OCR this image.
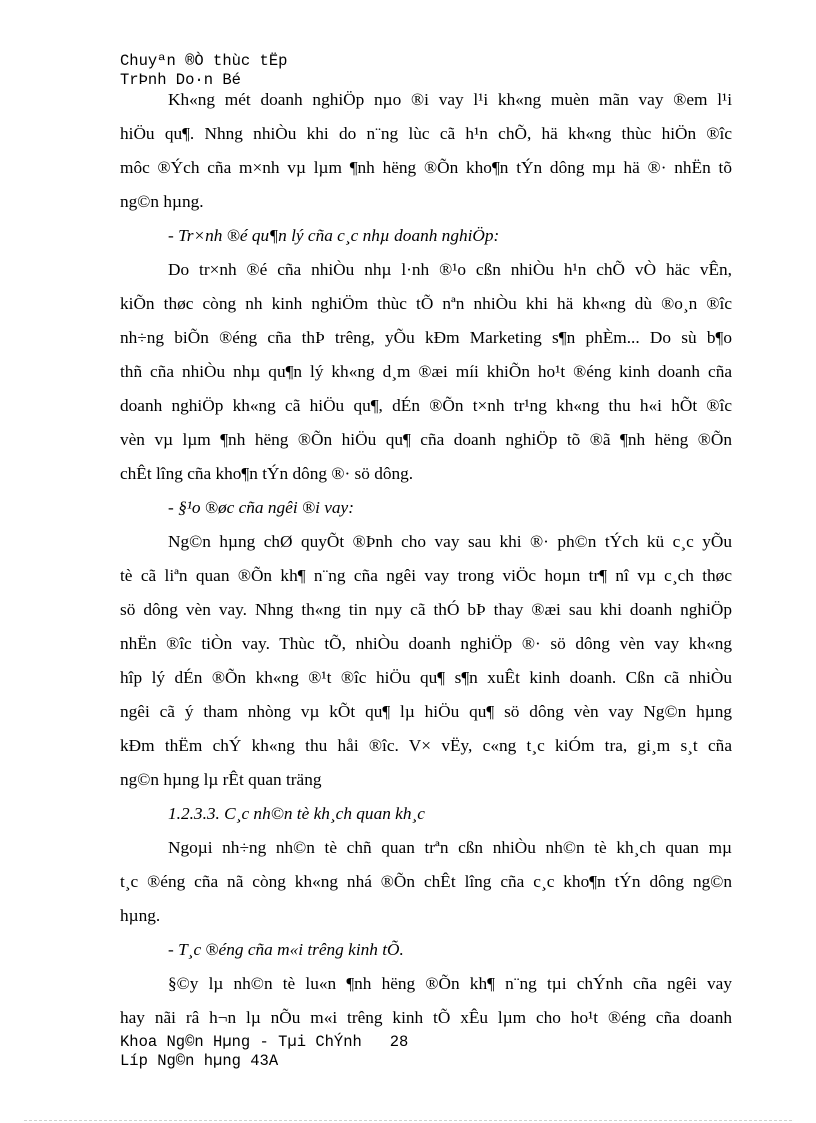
Chuyªn ®Ò thùc tËp
TrÞnh Do·n Bé
Kh«ng mét doanh nghiÖp nµo ®i vay l¹i kh«ng muèn mãn vay ®em l¹i
hiÖu qu¶. Nhng nhiÒu khi do n¨ng lùc cã h¹n chÕ, hä kh«ng thùc hiÖn ®îc
môc ®Ých cña m×nh vµ lµm ¶nh hëng ®Õn kho¶n tÝn dông mµ hä ®· nhËn tõ
ng©n hµng.
- Tr×nh ®é qu¶n lý cña c¸c nhµ doanh nghiÖp:
Do tr×nh ®é cña nhiÒu nhµ l·nh ®¹o cßn nhiÒu h¹n chÕ vÒ häc vÊn,
kiÕn thøc còng nh kinh nghiÖm thùc tÕ nªn nhiÒu khi hä kh«ng dù ®o¸n ®îc
nh÷ng biÕn ®éng cña thÞ trêng, yÕu kÐm Marketing s¶n phÈm... Do sù b¶o
thñ cña nhiÒu nhµ qu¶n lý kh«ng d¸m ®æi míi khiÕn ho¹t ®éng kinh doanh cña
doanh nghiÖp kh«ng cã hiÖu qu¶, dÉn ®Õn t×nh tr¹ng kh«ng thu h«i hÕt ®îc
vèn vµ lµm ¶nh hëng ®Õn hiÖu qu¶ cña doanh nghiÖp tõ ®ã ¶nh hëng ®Õn
chÊt lîng cña kho¶n tÝn dông ®· sö dông.
- §¹o ®øc cña ngêi ®i vay:
Ng©n hµng chØ quyÕt ®Þnh cho vay sau khi ®· ph©n tÝch kü c¸c yÕu
tè cã liªn quan ®Õn kh¶ n¨ng cña ngêi vay trong viÖc hoµn tr¶ nî vµ c¸ch thøc
sö dông vèn vay. Nhng th«ng tin nµy cã thÓ bÞ thay ®æi sau khi doanh nghiÖp
nhËn ®îc tiÒn vay. Thùc tÕ, nhiÒu doanh nghiÖp ®· sö dông vèn vay kh«ng
hîp lý dÉn ®Õn kh«ng ®¹t ®îc hiÖu qu¶ s¶n xuÊt kinh doanh. Cßn cã nhiÒu
ngêi cã ý tham nhòng vµ kÕt qu¶ lµ hiÖu qu¶ sö dông vèn vay Ng©n hµng
kÐm thËm chÝ kh«ng thu håi ®îc. V× vËy, c«ng t¸c kiÓm tra, gi¸m s¸t cña
ng©n hµng lµ rÊt quan träng
1.2.3.3. C¸c nh©n tè kh¸ch quan kh¸c
Ngoµi nh÷ng nh©n tè chñ quan trªn cßn nhiÒu nh©n tè kh¸ch quan mµ
t¸c ®éng cña nã còng kh«ng nhá ®Õn chÊt lîng cña c¸c kho¶n tÝn dông ng©n
hµng.
- T¸c ®éng cña m«i trêng kinh tÕ.
§©y lµ nh©n tè lu«n ¶nh hëng ®Õn kh¶ n¨ng tµi chÝnh cña ngêi vay
hay nãi râ h¬n lµ nÕu m«i trêng kinh tÕ xÊu lµm cho ho¹t ®éng cña doanh
Khoa Ng©n Hµng - Tµi ChÝnh   28
Líp Ng©n hµng 43A
